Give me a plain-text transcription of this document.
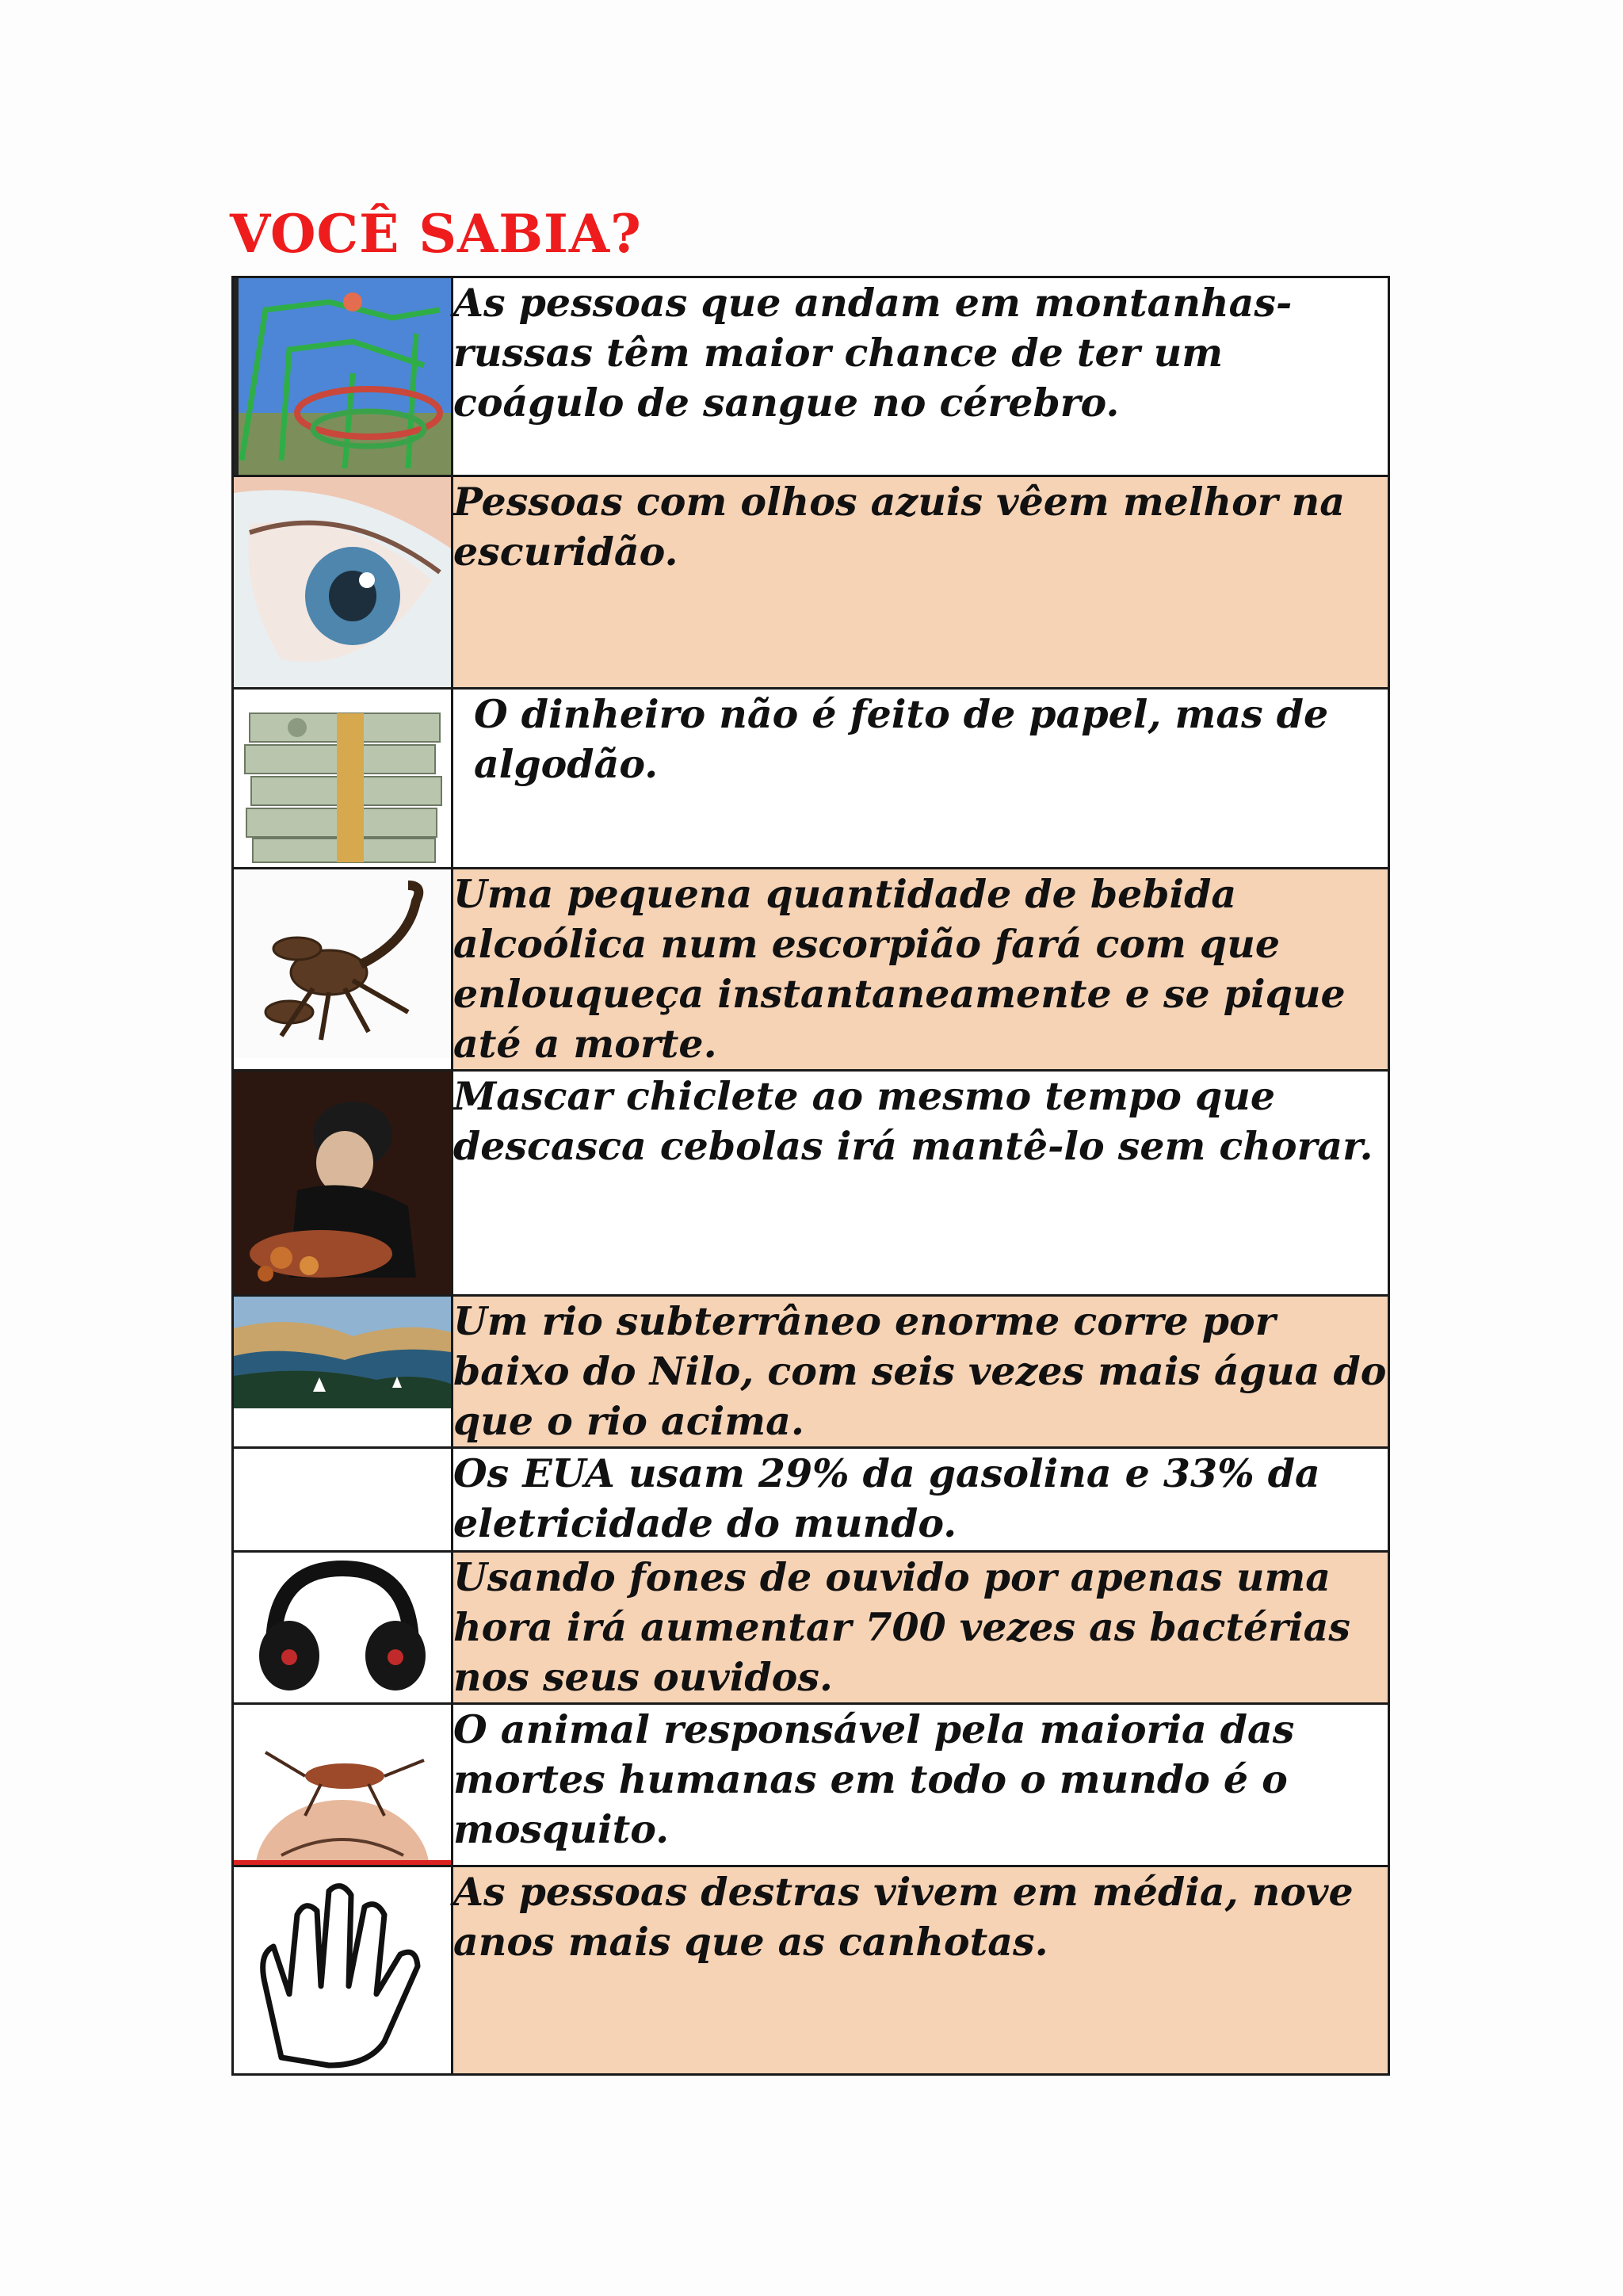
VOCÊ SABIA?
	As pessoas que andam em montanhas-russas têm maior chance de ter um coágulo de sangue no cérebro.

	Pessoas com olhos azuis vêem melhor na escuridão.

	O dinheiro não é feito de papel, mas de algodão.

	Uma pequena quantidade de bebida alcoólica num escorpião fará com que enlouqueça instantaneamente e se pique até a morte.

	Mascar chiclete ao mesmo tempo que descasca cebolas irá mantê-lo sem chorar.

	Um rio subterrâneo enorme corre por baixo do Nilo, com seis vezes mais água do que o rio acima.
	Os EUA usam 29% da gasolina e 33% da eletricidade do mundo.

	Usando fones de ouvido por apenas uma hora irá aumentar 700 vezes as bactérias nos seus ouvidos.

	O animal responsável pela maioria das mortes humanas em todo o mundo é o mosquito.

	As pessoas destras vivem em média, nove anos mais que as canhotas.
